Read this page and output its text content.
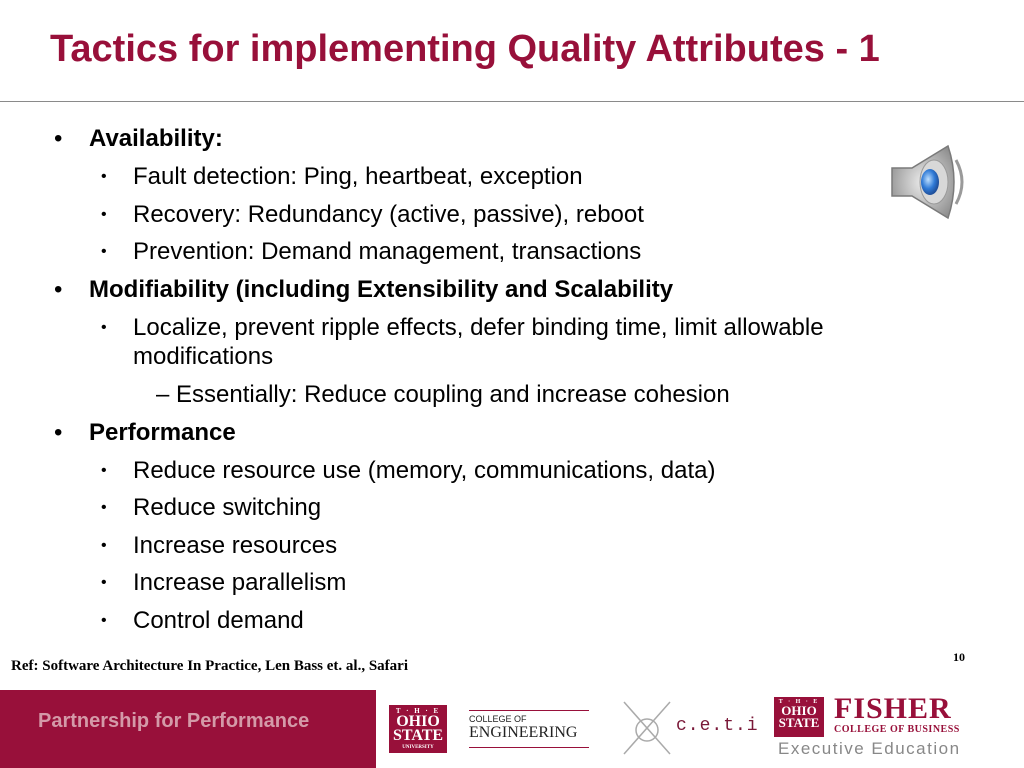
Tactics for implementing Quality Attributes - 1
• Availability:
• Fault detection: Ping, heartbeat, exception
• Recovery: Redundancy (active, passive), reboot
• Prevention: Demand management, transactions
• Modifiability (including Extensibility and Scalability
• Localize, prevent ripple effects, defer binding time, limit allowable
modifications
– Essentially: Reduce coupling and increase cohesion
• Performance
• Reduce resource use (memory, communications, data)
• Reduce switching
• Increase resources
• Increase parallelism
• Control demand
Ref: Software Architecture In Practice, Len Bass et. al., Safari
10
Partnership for Performance	T · H · E
OHIO
STATE
UNIVERSITY
COLLEGE OF
ENGINEERING	c.e.t.i
T · H · E
OHIO
STATE FISHER
COLLEGE OF BUSINESS
Executive Education
